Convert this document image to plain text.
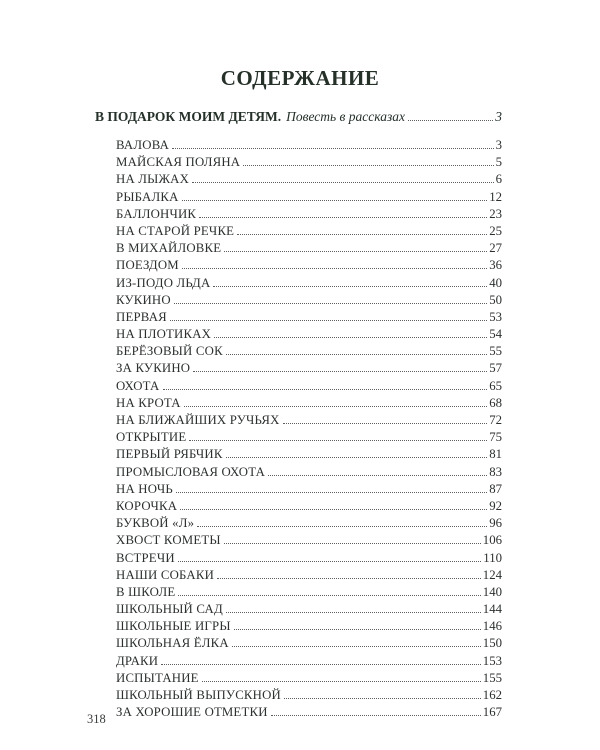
СОДЕРЖАНИЕ
В ПОДАРОК МОИМ ДЕТЯМ. Повесть в рассказах	3
ВАЛОВА	3
МАЙСКАЯ ПОЛЯНА	5
НА ЛЫЖАХ	6
РЫБАЛКА	12
БАЛЛОНЧИК	23
НА СТАРОЙ РЕЧКЕ	25
В МИХАЙЛОВКЕ	27
ПОЕЗДОМ	36
ИЗ-ПОДО ЛЬДА	40
КУКИНО	50
ПЕРВАЯ	53
НА ПЛОТИКАХ	54
БЕРЁЗОВЫЙ СОК	55
ЗА КУКИНО	57
ОХОТА	65
НА КРОТА	68
НА БЛИЖАЙШИХ РУЧЬЯХ	72
ОТКРЫТИЕ	75
ПЕРВЫЙ РЯБЧИК	81
ПРОМЫСЛОВАЯ ОХОТА	83
НА НОЧЬ	87
КОРОЧКА	92
БУКВОЙ «Л»	96
ХВОСТ КОМЕТЫ	106
ВСТРЕЧИ	110
НАШИ СОБАКИ	124
В ШКОЛЕ	140
ШКОЛЬНЫЙ САД	144
ШКОЛЬНЫЕ ИГРЫ	146
ШКОЛЬНАЯ ЁЛКА	150
ДРАКИ	153
ИСПЫТАНИЕ	155
ШКОЛЬНЫЙ ВЫПУСКНОЙ	162
ЗА ХОРОШИЕ ОТМЕТКИ	167
318
